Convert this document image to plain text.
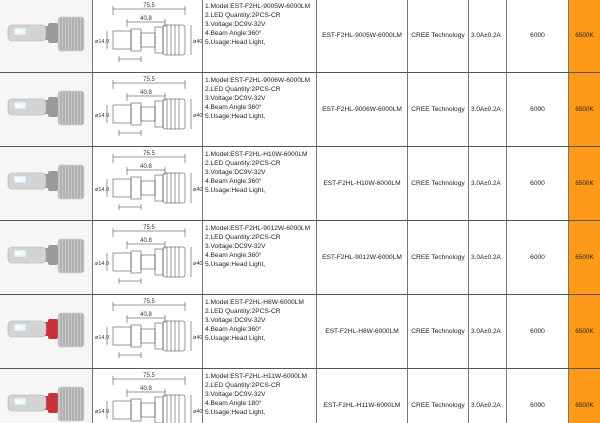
75.5
40.8
ø14.9	ø40
1.Model:EST-F2HL-9005W-6000LM
2.LED Quantity:2PCS-CR
3.Voltage:DC9V-32V
4.Beam Angle:360°
5.Usage:Head Light,
EST-F2HL-9005W-6000LM CREE Technology 3.0A±0.2A	6000	6500K
75.5
40.8
ø14.9	ø40
1.Model:EST-F2HL-9006W-6000LM
2.LED Quantity:2PCS-CR
3.Voltage:DC9V-32V
4.Beam Angle:360°
5.Usage:Head Light,
EST-F2HL-9006W-6000LM CREE Technology 3.0A±0.2A	6000	6500K
75.5
40.8
ø14.9	ø40
1.Model:EST-F2HL-H10W-6000LM
2.LED Quantity:2PCS-CR
3.Voltage:DC9V-32V
4.Beam Angle:360°
5.Usage:Head Light,
EST-F2HL-H10W-6000LM CREE Technology 3.0A±0.2A	6000	6500K
75.5
40.8
ø14.9	ø40
1.Model:EST-F2HL-9012W-6000LM
2.LED Quantity:2PCS-CR
3.Voltage:DC9V-32V
4.Beam Angle:360°
5.Usage:Head Light,
EST-F2HL-9012W-6000LM CREE Technology 3.0A±0.2A	6000	6500K
75.5
40.8
ø14.9	ø40
1.Model:EST-F2HL-H8W-6000LM
2.LED Quantity:2PCS-CR
3.Voltage:DC9V-32V
4.Beam Angle:360°
5.Usage:Head Light,
EST-F2HL-H8W-6000LM CREE Technology 3.0A±0.2A	6000	6500K
75.5
40.8
ø14.9	ø40
1.Model:EST-F2HL-H11W-6000LM
2.LED Quantity:2PCS-CR
3.Voltage:DC9V-32V
4.Beam Angle:180°
5.Usage:Head Light,
EST-F2HL-H11W-6000LM CREE Technology 3.0A±0.2A	6000	6500K
